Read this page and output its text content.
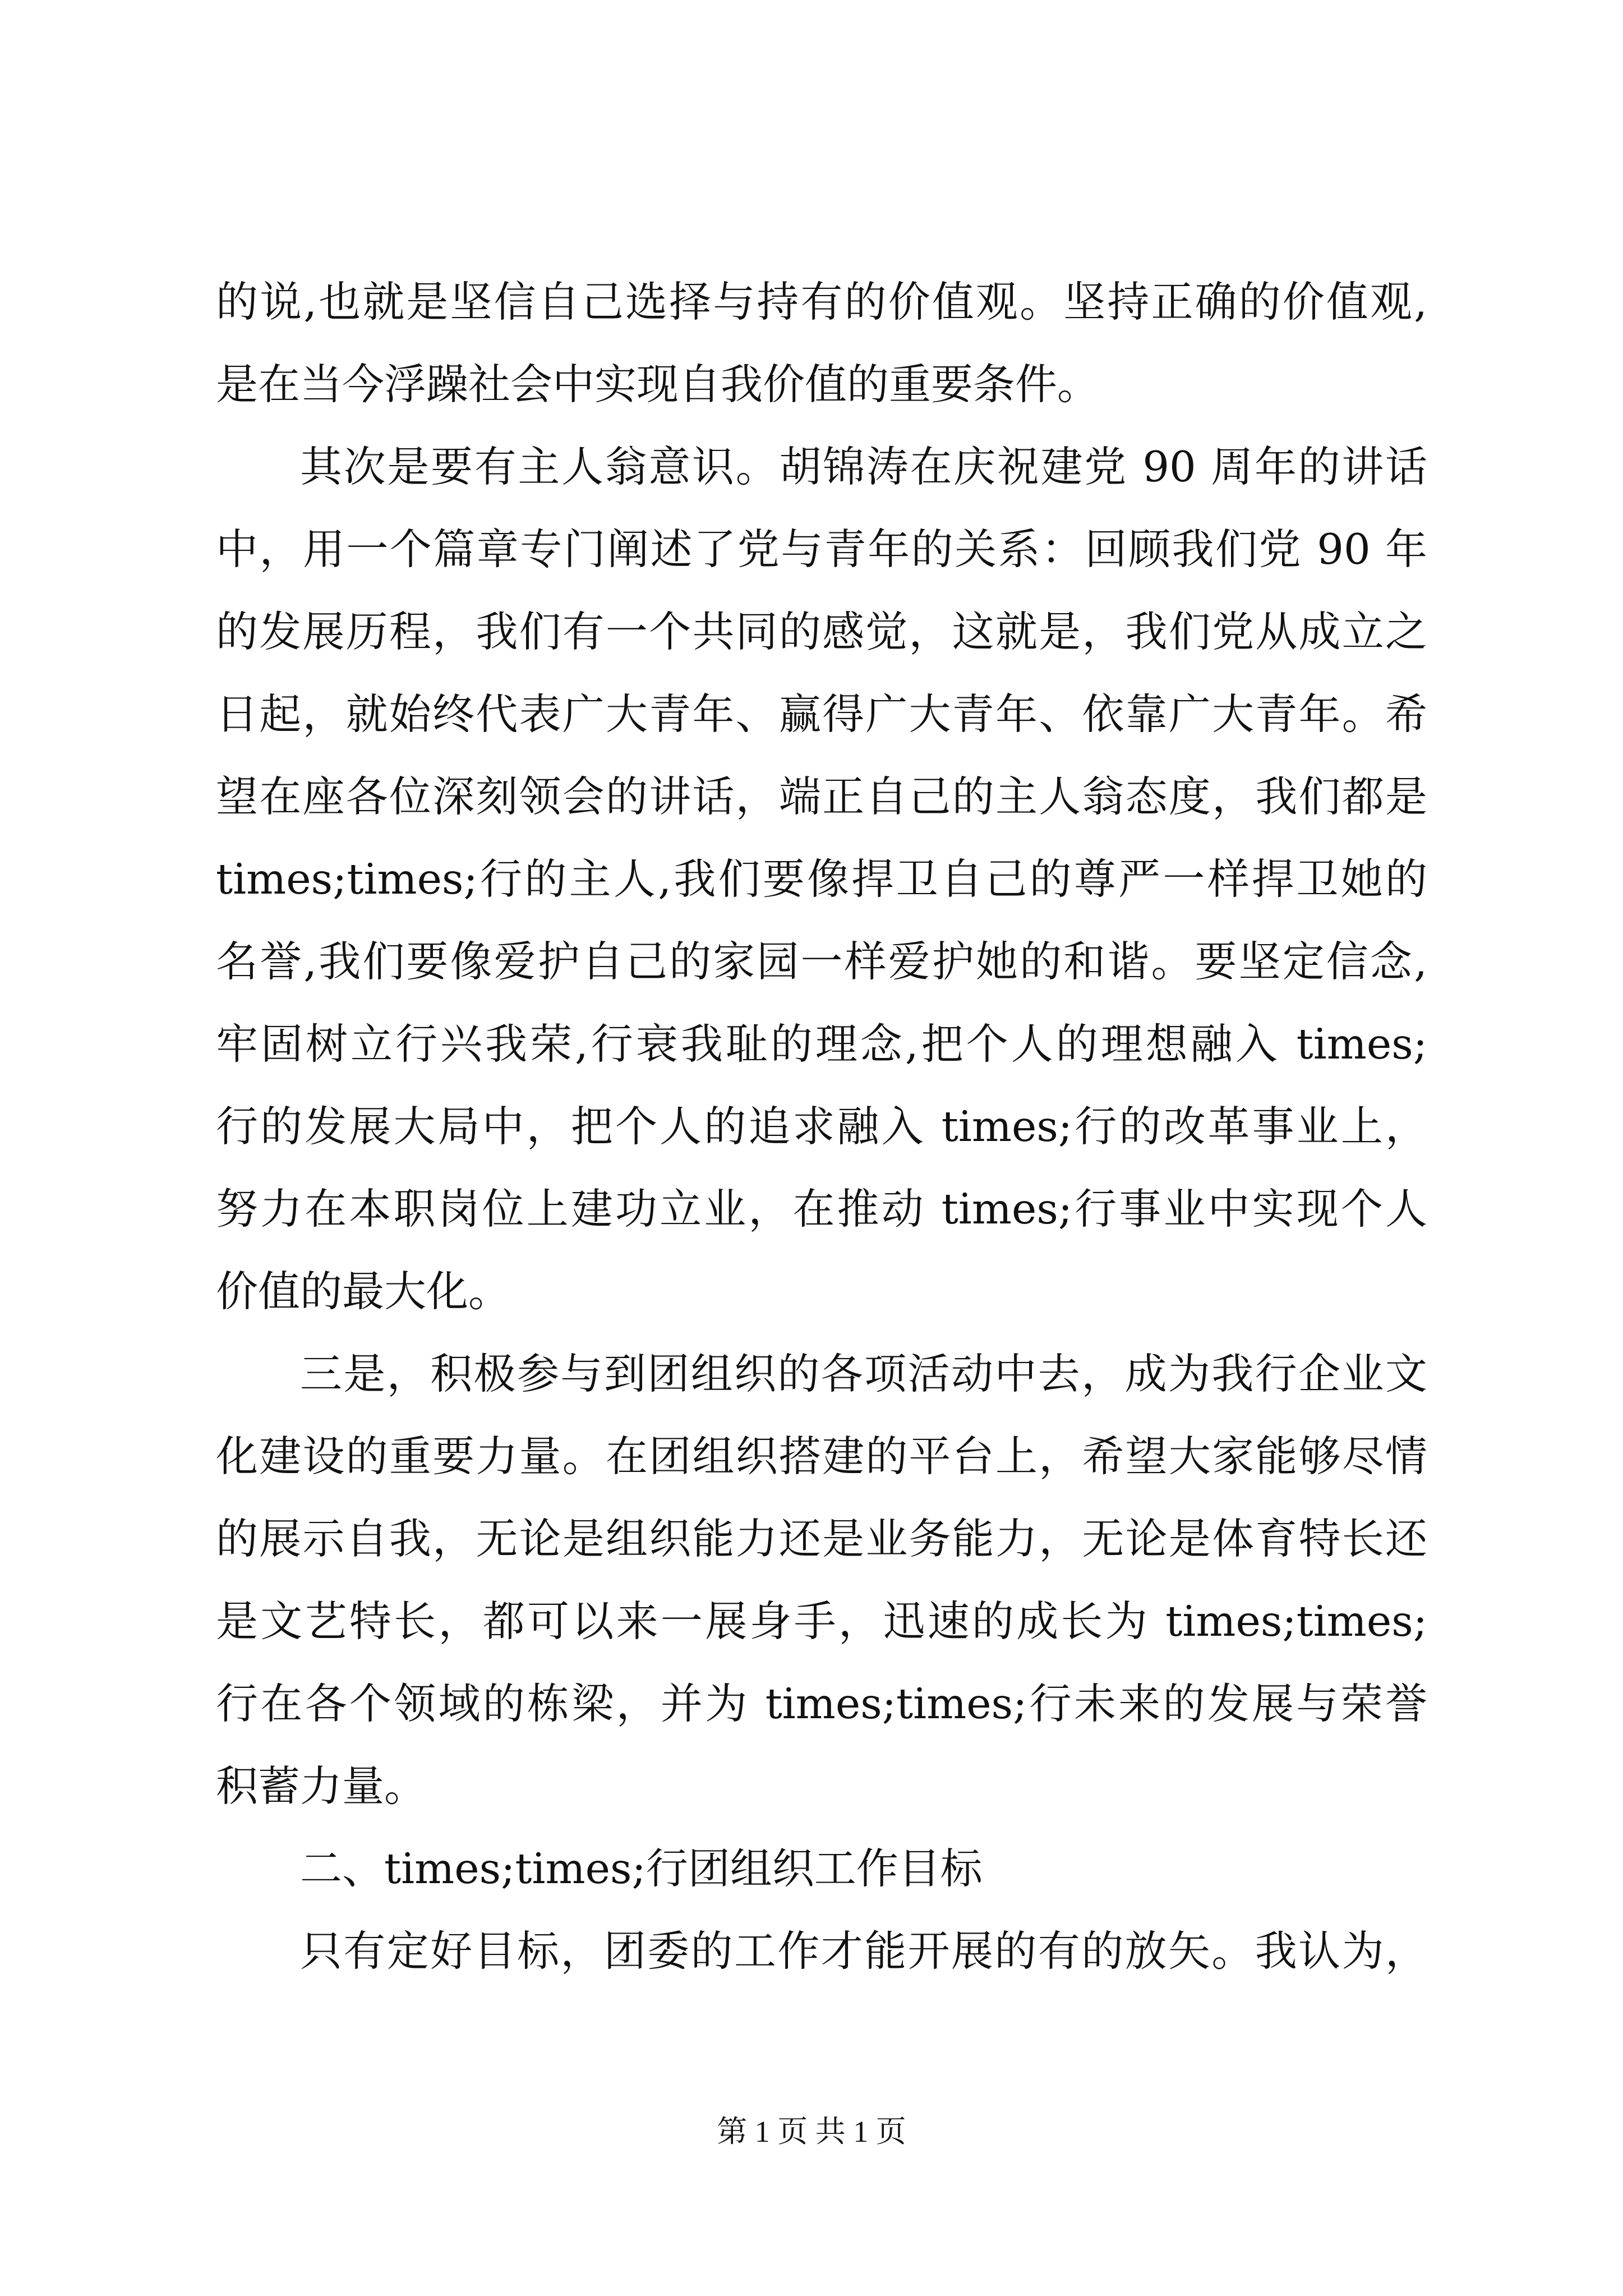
的说,也就是坚信自己选择与持有的价值观。坚持正确的价值观,
是在当今浮躁社会中实现自我价值的重要条件。
其次是要有主人翁意识。胡锦涛在庆祝建党 90 周年的讲话
中，用一个篇章专门阐述了党与青年的关系：回顾我们党 90 年
的发展历程，我们有一个共同的感觉，这就是，我们党从成立之
日起，就始终代表广大青年、赢得广大青年、依靠广大青年。希
望在座各位深刻领会的讲话，端正自己的主人翁态度，我们都是
times;times;行的主人,我们要像捍卫自己的尊严一样捍卫她的
名誉,我们要像爱护自己的家园一样爱护她的和谐。要坚定信念,
牢固树立行兴我荣,行衰我耻的理念,把个人的理想融入 times;
行的发展大局中，把个人的追求融入 times;行的改革事业上，
努力在本职岗位上建功立业，在推动 times;行事业中实现个人
价值的最大化。
三是，积极参与到团组织的各项活动中去，成为我行企业文
化建设的重要力量。在团组织搭建的平台上，希望大家能够尽情
的展示自我，无论是组织能力还是业务能力，无论是体育特长还
是文艺特长，都可以来一展身手，迅速的成长为 times;times;
行在各个领域的栋梁，并为 times;times;行未来的发展与荣誉
积蓄力量。
二、times;times;行团组织工作目标
只有定好目标，团委的工作才能开展的有的放矢。我认为，
第 1 页 共 1 页
